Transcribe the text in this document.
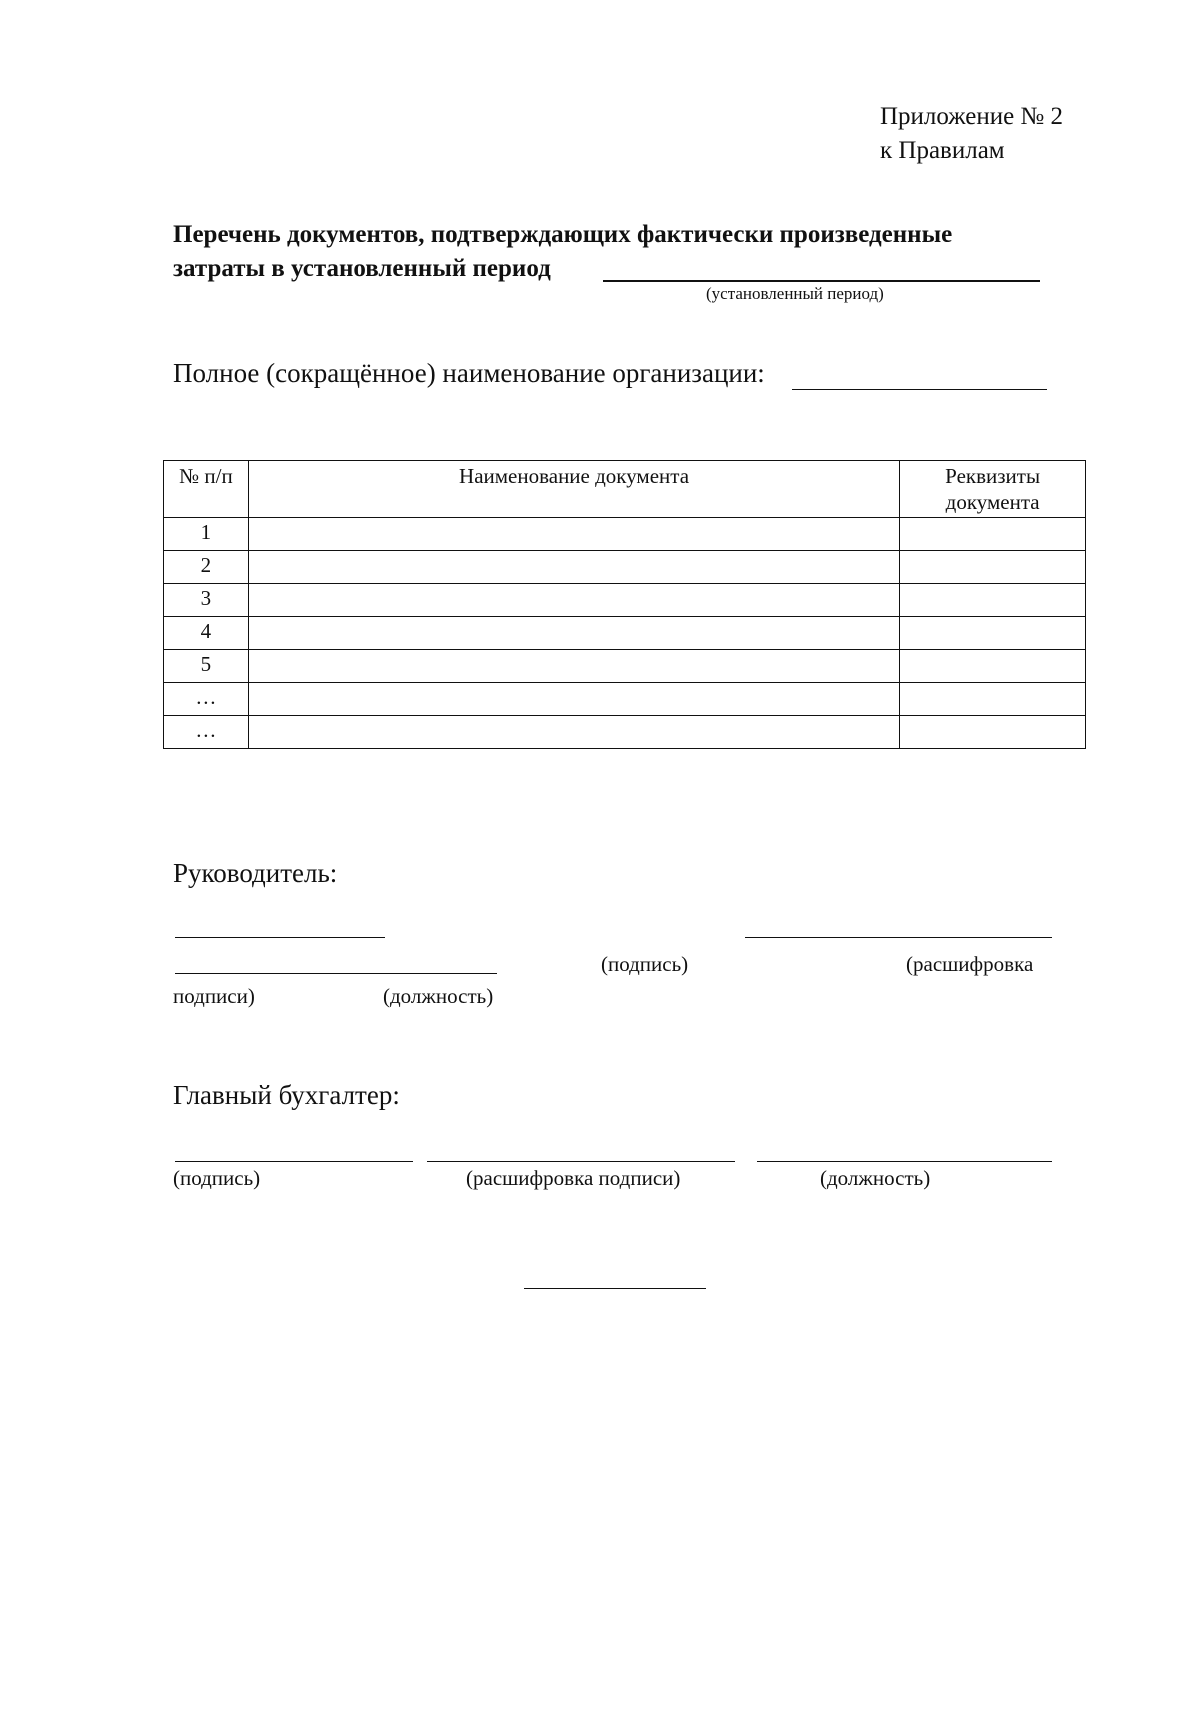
Приложение № 2
к Правилам
Перечень документов, подтверждающих фактически произведенные
затраты в установленный период
(установленный период)
Полное (сокращённое) наименование организации:
№ п/п	Наименование документа	Реквизиты
документа

1		
2		
3		
4		
5		
…		
…		
Руководитель:
(подпись)	(расшифровка
подписи)	(должность)
Главный бухгалтер:
(подпись)	(расшифровка подписи)	(должность)
